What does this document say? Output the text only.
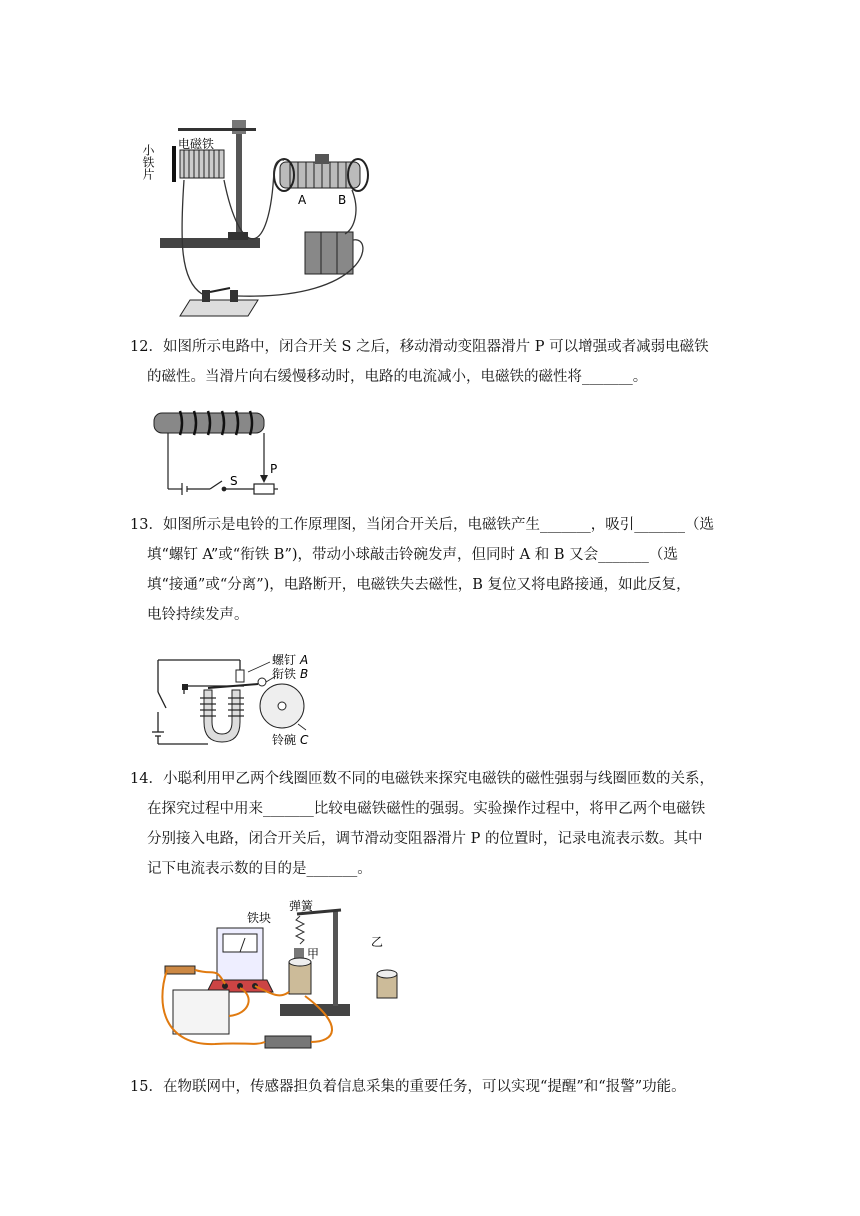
小铁片 电磁铁
A	B
12．如图所示电路中，闭合开关 S 之后，移动滑动变阻器滑片 P 可以增强或者减弱电磁铁
的磁性。当滑片向右缓慢移动时，电路的电流减小，电磁铁的磁性将_______。
S
P
13．如图所示是电铃的工作原理图，当闭合开关后，电磁铁产生_______，吸引_______（选
填“螺钉 A”或“衔铁 B”)，带动小球敲击铃碗发声，但同时 A 和 B 又会_______（选
填“接通”或“分离”)，电路断开，电磁铁失去磁性，B 复位又将电路接通，如此反复，
电铃持续发声。
螺钉 A
衔铁 B
铃碗 C
14．小聪利用甲乙两个线圈匝数不同的电磁铁来探究电磁铁的磁性强弱与线圈匝数的关系，
在探究过程中用来_______比较电磁铁磁性的强弱。实验操作过程中，将甲乙两个电磁铁
分别接入电路，闭合开关后，调节滑动变阻器滑片 P 的位置时，记录电流表示数。其中
记下电流表示数的目的是_______。
铁块
弹簧
甲
乙
15．在物联网中，传感器担负着信息采集的重要任务，可以实现“提醒”和“报警”功能。
